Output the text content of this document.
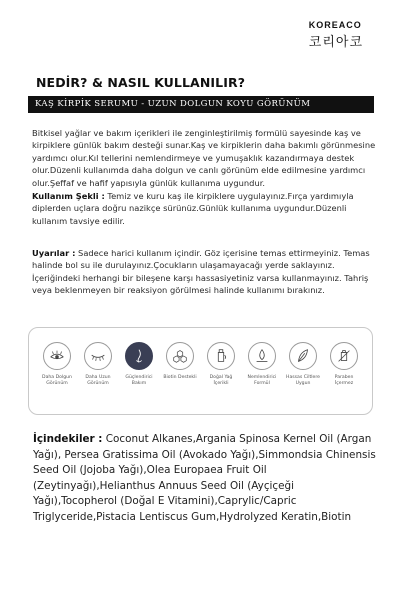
KOREACO
코리아코
NEDİR? & NASIL KULLANILIR?
KAŞ KİRPİK SERUMU - UZUN DOLGUN KOYU GÖRÜNÜM
Bitkisel yağlar ve bakım içerikleri ile zenginleştirilmiş formülü sayesinde kaş ve kirpiklere günlük bakım desteği sunar.Kaş ve kirpiklerin daha bakımlı görünmesine yardımcı olur.Kıl tellerini nemlendirmeye ve yumuşaklık kazandırmaya destek olur.Düzenli kullanımda daha dolgun ve canlı görünüm elde edilmesine yardımcı olur.Şeffaf ve hafif yapısıyla günlük kullanıma uygundur.
Kullanım Şekli : Temiz ve kuru kaş ile kirpiklere uygulayınız.Fırça yardımıyla diplerden uçlara doğru nazikçe sürünüz.Günlük kullanıma uygundur.Düzenli kullanım tavsiye edilir.
Uyarılar : Sadece harici kullanım içindir. Göz içerisine temas ettirmeyiniz. Temas halinde bol su ile durulayınız.Çocukların ulaşamayacağı yerde saklayınız. İçeriğindeki herhangi bir bileşene karşı hassasiyetiniz varsa kullanmayınız. Tahriş veya beklenmeyen bir reaksiyon görülmesi halinde kullanımı bırakınız.
Daha Dolgun Görünüm
Daha Uzun Görünüm
Güçlendirici Bakım
Biotin Destekli	Doğal Yağ İçerikli
Nemlendirici Formül
Hassas Ciltlere Uygun
Paraben İçermez
İçindekiler : Coconut Alkanes,Argania Spinosa Kernel Oil (Argan Yağı), Persea Gratissima Oil (Avokado Yağı),Simmondsia Chinensis Seed Oil (Jojoba Yağı),Olea Europaea Fruit Oil (Zeytinyağı),Helianthus Annuus Seed Oil (Ayçiçeği Yağı),Tocopherol (Doğal E Vitamini),Caprylic/Capric Triglyceride,Pistacia Lentiscus Gum,Hydrolyzed Keratin,Biotin
